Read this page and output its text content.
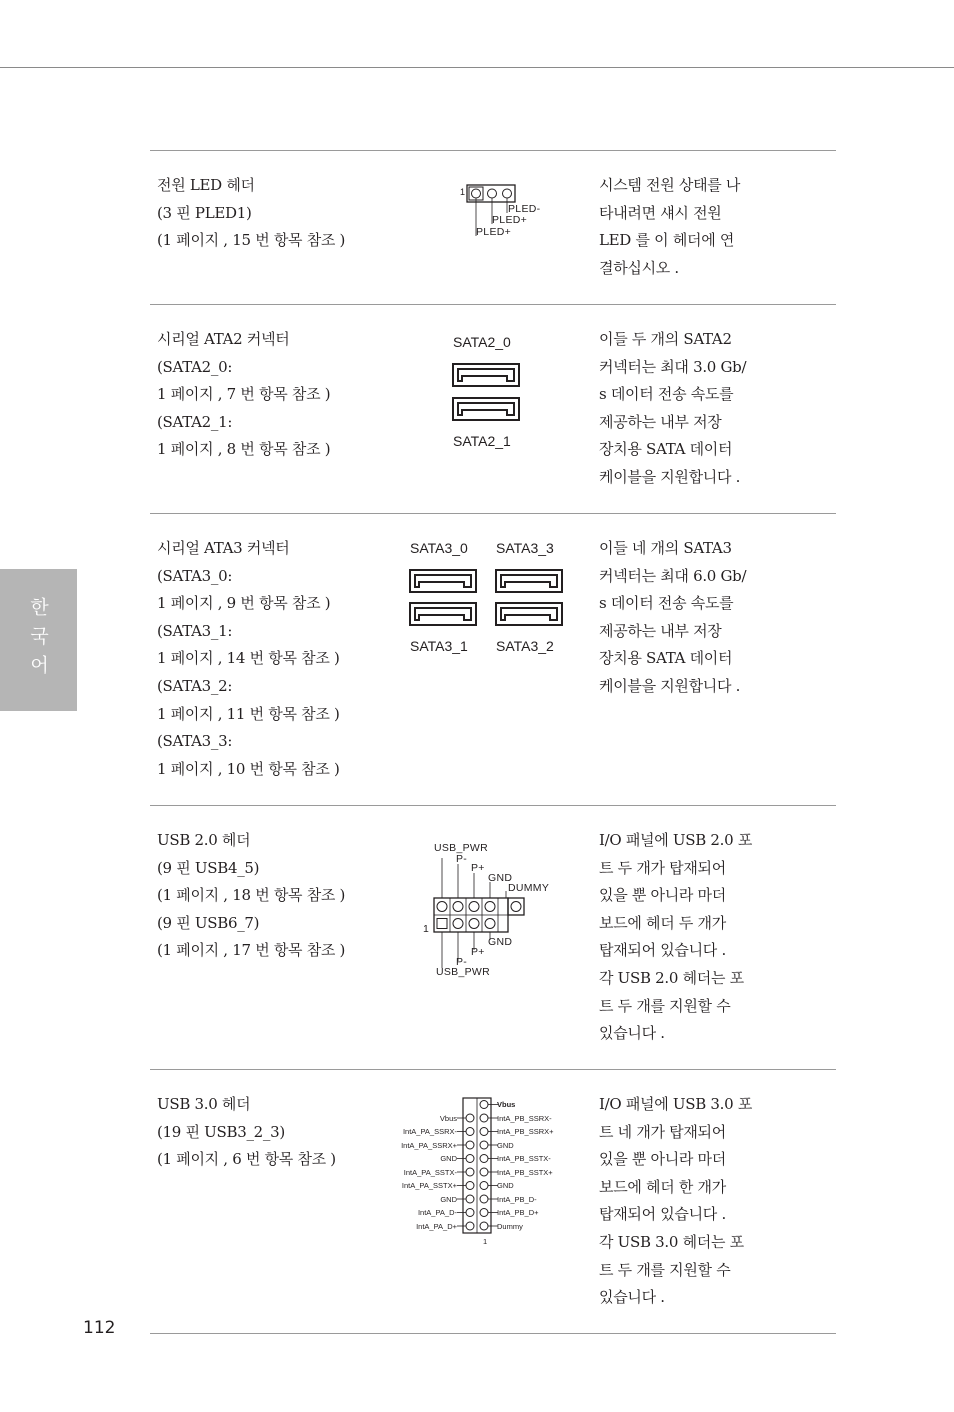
한국어
전원 LED 헤더
(3 핀 PLED1)
(1 페이지 , 15 번 항목 참조 )
시스템 전원 상태를 나
타내려면 섀시 전원
LED 를 이 헤더에 연
결하십시오 .
1
PLED-
PLED+
PLED+
시리얼 ATA2 커넥터
(SATA2_0:
1 페이지 , 7 번 항목 참조 )
(SATA2_1:
1 페이지 , 8 번 항목 참조 )
이들 두 개의 SATA2
커넥터는 최대 3.0 Gb/
s 데이터 전송 속도를
제공하는 내부 저장
장치용 SATA 데이터
케이블을 지원합니다 .
SATA2_0
SATA2_1
시리얼 ATA3 커넥터
(SATA3_0:
1 페이지 , 9 번 항목 참조 )
(SATA3_1:
1 페이지 , 14 번 항목 참조 )
(SATA3_2:
1 페이지 , 11 번 항목 참조 )
(SATA3_3:
1 페이지 , 10 번 항목 참조 )
이들 네 개의 SATA3
커넥터는 최대 6.0 Gb/
s 데이터 전송 속도를
제공하는 내부 저장
장치용 SATA 데이터
케이블을 지원합니다 .
SATA3_0 SATA3_3
SATA3_1 SATA3_2
USB 2.0 헤더
(9 핀 USB4_5)
(1 페이지 , 18 번 항목 참조 )
(9 핀 USB6_7)
(1 페이지 , 17 번 항목 참조 )
I/O 패널에 USB 2.0 포
트 두 개가 탑재되어
있을 뿐 아니라 마더
보드에 헤더 두 개가
탑재되어 있습니다 .
각 USB 2.0 헤더는 포
트 두 개를 지원할 수
있습니다 .
USB_PWR
P-
P+
GND
DUMMY
1
GND
P+
P-
USB_PWR
USB 3.0 헤더
(19 핀 USB3_2_3)
(1 페이지 , 6 번 항목 참조 )
I/O 패널에 USB 3.0 포
트 네 개가 탑재되어
있을 뿐 아니라 마더
보드에 헤더 한 개가
탑재되어 있습니다 .
각 USB 3.0 헤더는 포
트 두 개를 지원할 수
있습니다 .
Vbus
IntA_PA_SSRX-
IntA_PA_SSRX+
GND
IntA_PA_SSTX-
IntA_PA_SSTX+
GND
IntA_PA_D-
IntA_PA_D+
Vbus
IntA_PB_SSRX-
IntA_PB_SSRX+
GND
IntA_PB_SSTX-
IntA_PB_SSTX+
GND
IntA_PB_D-
IntA_PB_D+
Dummy
1
112
